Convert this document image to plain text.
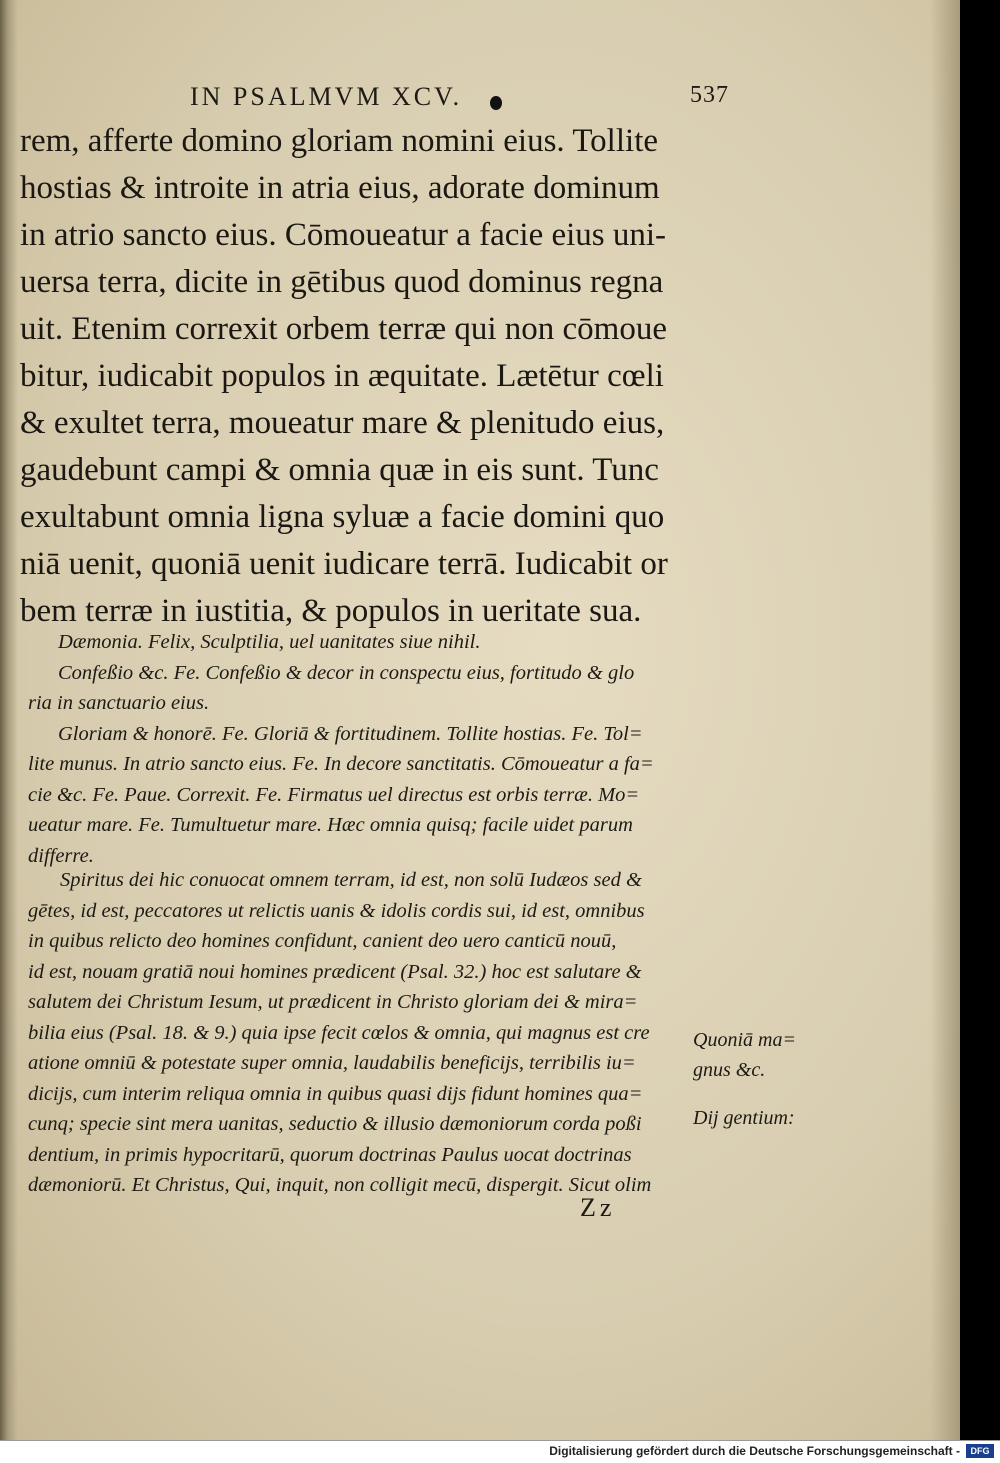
IN PSALMVM XCV.	537
rem, afferte domino gloriam nomini eius. Tollite
hostias & introite in atria eius, adorate dominum
in atrio sancto eius. Cōmoueatur a facie eius uni-
uersa terra, dicite in gētibus quod dominus regna
uit. Etenim correxit orbem terræ qui non cōmoue
bitur, iudicabit populos in æquitate. Lætētur cœli
& exultet terra, moueatur mare & plenitudo eius,
gaudebunt campi & omnia quæ in eis sunt. Tunc
exultabunt omnia ligna syluæ a facie domini quo
niā uenit, quoniā uenit iudicare terrā. Iudicabit or
bem terræ in iustitia, & populos in ueritate sua.
Dæmonia. Felix, Sculptilia, uel uanitates siue nihil.
Confeßio &c. Fe. Confeßio & decor in conspectu eius, fortitudo & glo
ria in sanctuario eius.
Gloriam & honorē. Fe. Gloriā & fortitudinem. Tollite hostias. Fe. Tol=
lite munus. In atrio sancto eius. Fe. In decore sanctitatis. Cōmoueatur a fa=
cie &c. Fe. Paue. Correxit. Fe. Firmatus uel directus est orbis terræ. Mo=
ueatur mare. Fe. Tumultuetur mare. Hæc omnia quisq; facile uidet parum
differre.
Spiritus dei hic conuocat omnem terram, id est, non solū Iudæos sed &
gētes, id est, peccatores ut relictis uanis & idolis cordis sui, id est, omnibus
in quibus relicto deo homines confidunt, canient deo uero canticū nouū,
id est, nouam gratiā noui homines prædicent (Psal. 32.) hoc est salutare &
salutem dei Christum Iesum, ut prædicent in Christo gloriam dei & mira=
bilia eius (Psal. 18. & 9.) quia ipse fecit cœlos & omnia, qui magnus est cre
atione omniū & potestate super omnia, laudabilis beneficijs, terribilis iu=
dicijs, cum interim reliqua omnia in quibus quasi dijs fidunt homines qua=
cunq; specie sint mera uanitas, seductio & illusio dæmoniorum corda poßi
dentium, in primis hypocritarū, quorum doctrinas Paulus uocat doctrinas
dæmoniorū. Et Christus, Qui, inquit, non colligit mecū, dispergit. Sicut olim
Quoniā ma=
gnus &c.
Dij gentium:
Zz
Digitalisierung gefördert durch die Deutsche Forschungsgemeinschaft -	DFG
